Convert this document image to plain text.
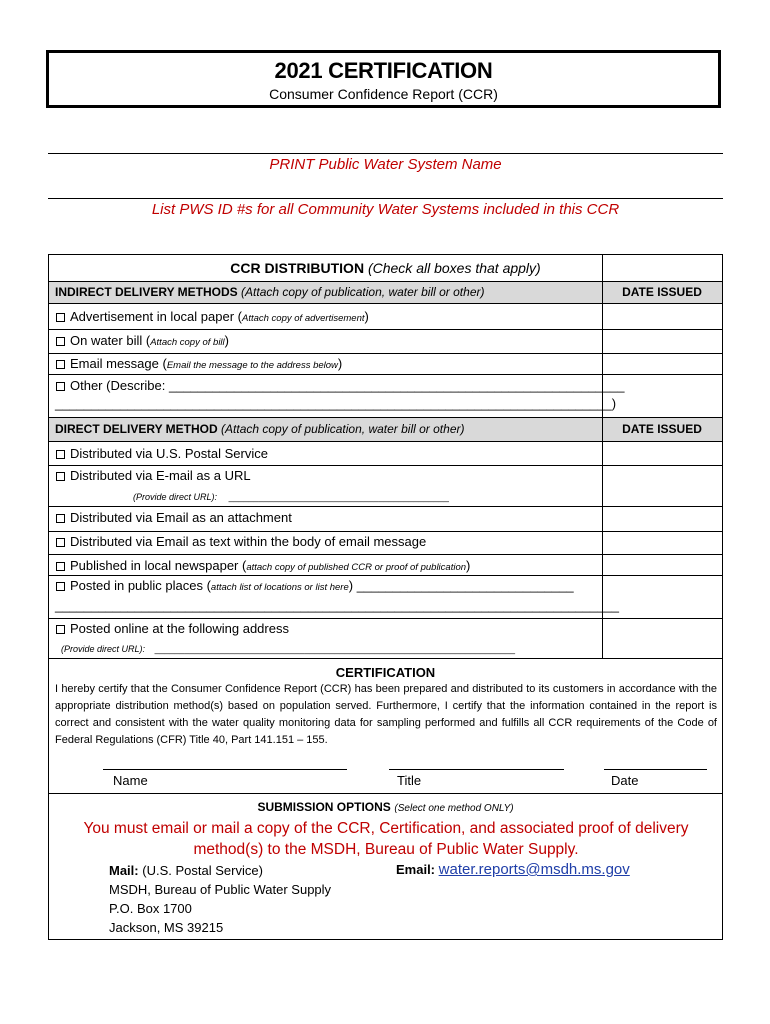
2021 CERTIFICATION
Consumer Confidence Report (CCR)
PRINT Public Water System Name
List PWS ID #s for all Community Water Systems included in this CCR
CCR DISTRIBUTION (Check all boxes that apply)
INDIRECT DELIVERY METHODS (Attach copy of publication, water bill or other)	DATE ISSUED
Advertisement in local paper (Attach copy of advertisement)
On water bill (Attach copy of bill)
Email message (Email the message to the address below)
Other (Describe: _______________________________________________________________
_____________________________________________________________________________)
DIRECT DELIVERY METHOD (Attach copy of publication, water bill or other)	DATE ISSUED
Distributed via U.S. Postal Service
Distributed via E-mail as a URL
(Provide direct URL): ____________________________________________
Distributed via Email as an attachment
Distributed via Email as text within the body of email message
Published in local newspaper (attach copy of published CCR or proof of publication)
Posted in public places (attach list of locations or list here) ______________________________
______________________________________________________________________________
Posted online at the following address
(Provide direct URL): ________________________________________________________________________
CERTIFICATION
I hereby certify that the Consumer Confidence Report (CCR) has been prepared and distributed to its customers in accordance with the appropriate distribution method(s) based on population served. Furthermore, I certify that the information contained in the report is correct and consistent with the water quality monitoring data for sampling performed and fulfills all CCR requirements of the Code of Federal Regulations (CFR) Title 40, Part 141.151 – 155.
Name	Title	Date
SUBMISSION OPTIONS (Select one method ONLY)
You must email or mail a copy of the CCR, Certification, and associated proof of delivery method(s) to the MSDH, Bureau of Public Water Supply.
Mail: (U.S. Postal Service)
MSDH, Bureau of Public Water Supply
P.O. Box 1700
Jackson, MS 39215
Email: water.reports@msdh.ms.gov
